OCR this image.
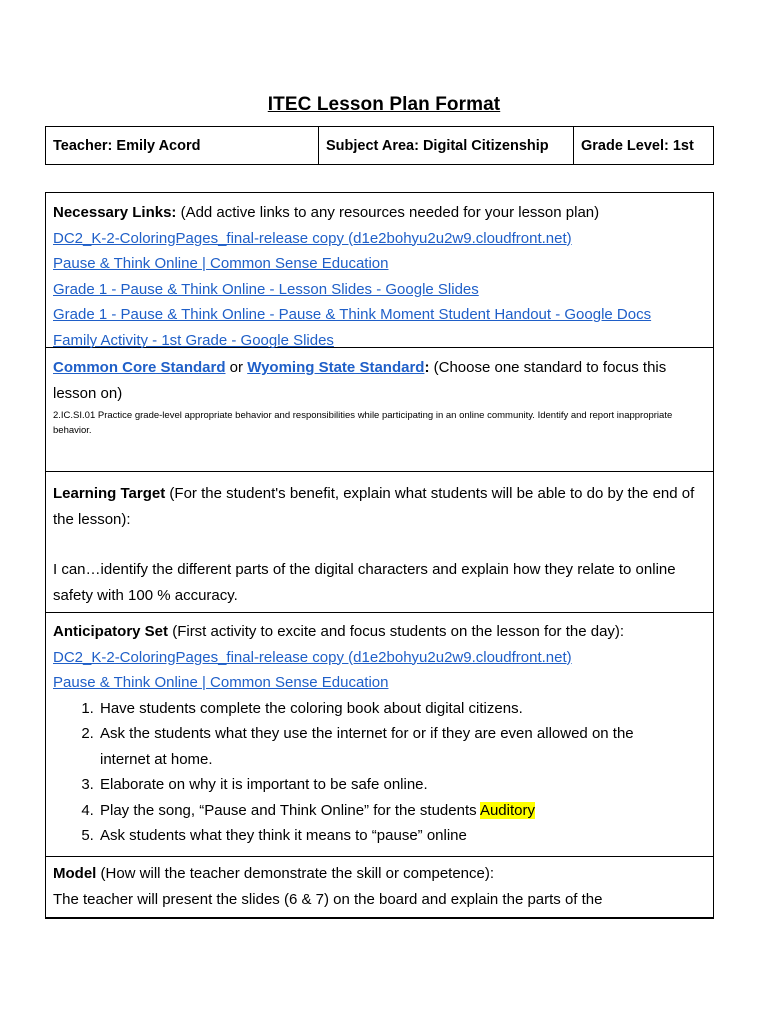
ITEC Lesson Plan Format
Teacher: Emily Acord	Subject Area: Digital Citizenship	Grade Level: 1st
Necessary Links: (Add active links to any resources needed for your lesson plan)
DC2_K-2-ColoringPages_final-release copy (d1e2bohyu2u2w9.cloudfront.net)
Pause & Think Online | Common Sense Education
Grade 1 - Pause & Think Online - Lesson Slides - Google Slides
Grade 1 - Pause & Think Online - Pause & Think Moment Student Handout - Google Docs
Family Activity - 1st Grade - Google Slides
Common Core Standard or Wyoming State Standard: (Choose one standard to focus this lesson on)
2.IC.SI.01 Practice grade-level appropriate behavior and responsibilities while participating in an online community. Identify and report inappropriate behavior.
Learning Target (For the student's benefit, explain what students will be able to do by the end of the lesson):
I can…identify the different parts of the digital characters and explain how they relate to online safety with 100 % accuracy.
Anticipatory Set (First activity to excite and focus students on the lesson for the day):
DC2_K-2-ColoringPages_final-release copy (d1e2bohyu2u2w9.cloudfront.net)
Pause & Think Online | Common Sense Education
1. Have students complete the coloring book about digital citizens.
2. Ask the students what they use the internet for or if they are even allowed on the internet at home.
3. Elaborate on why it is important to be safe online.
4. Play the song, “Pause and Think Online” for the students Auditory
5. Ask students what they think it means to “pause” online
Model (How will the teacher demonstrate the skill or competence):
The teacher will present the slides (6 & 7) on the board and explain the parts of the
